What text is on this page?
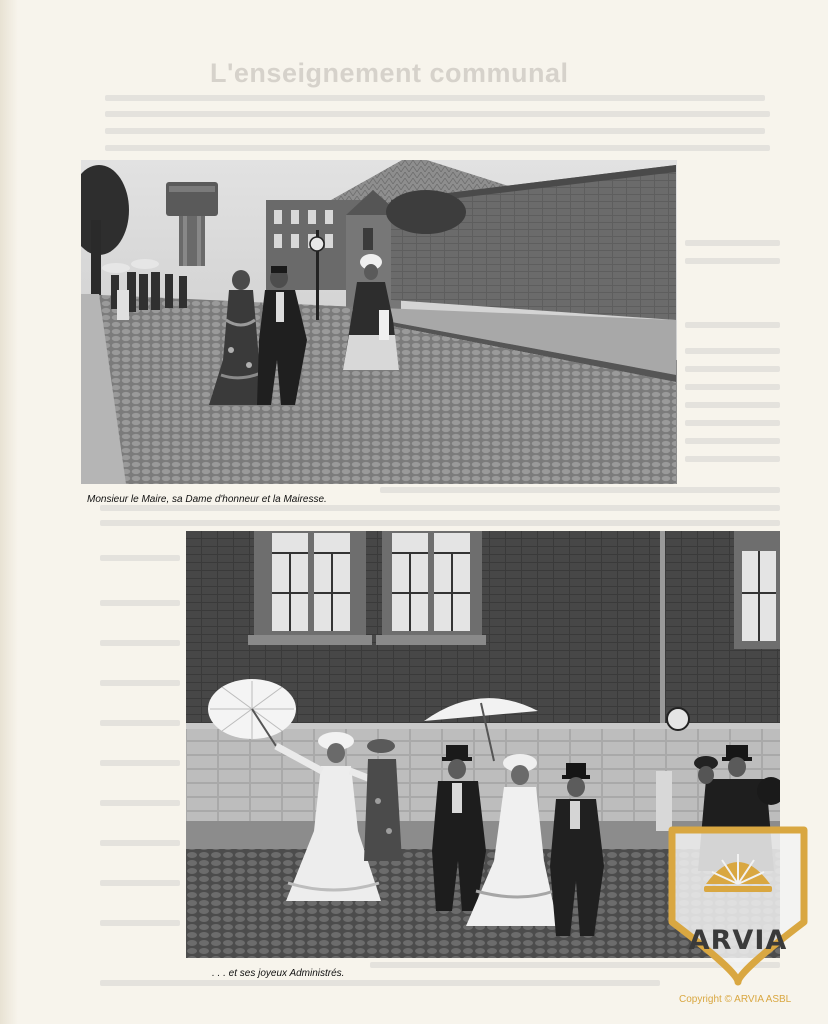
L'enseignement communal
Monsieur le Maire, sa Dame d'honneur et la Mairesse.
. . . et ses joyeux Administrés.
ARVIA
Copyright © ARVIA ASBL
